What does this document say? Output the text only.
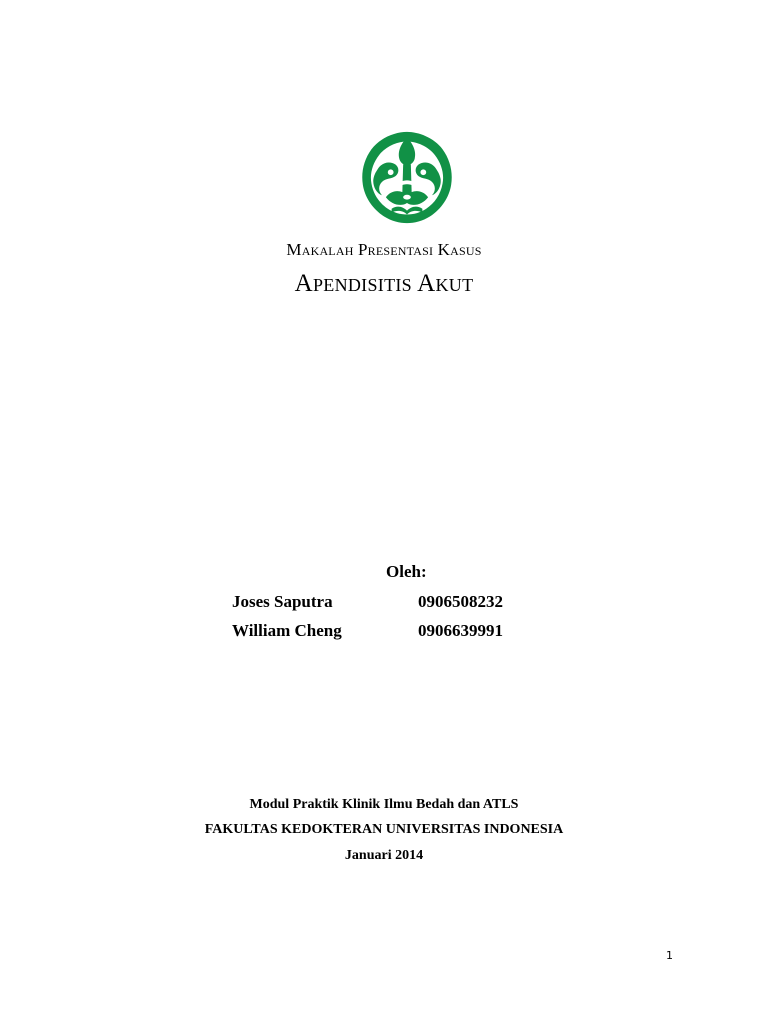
Makalah Presentasi Kasus
Apendisitis Akut
Oleh:
Joses Saputra	0906508232
William Cheng	0906639991
Modul Praktik Klinik Ilmu Bedah dan ATLS
FAKULTAS KEDOKTERAN UNIVERSITAS INDONESIA
Januari 2014
1
